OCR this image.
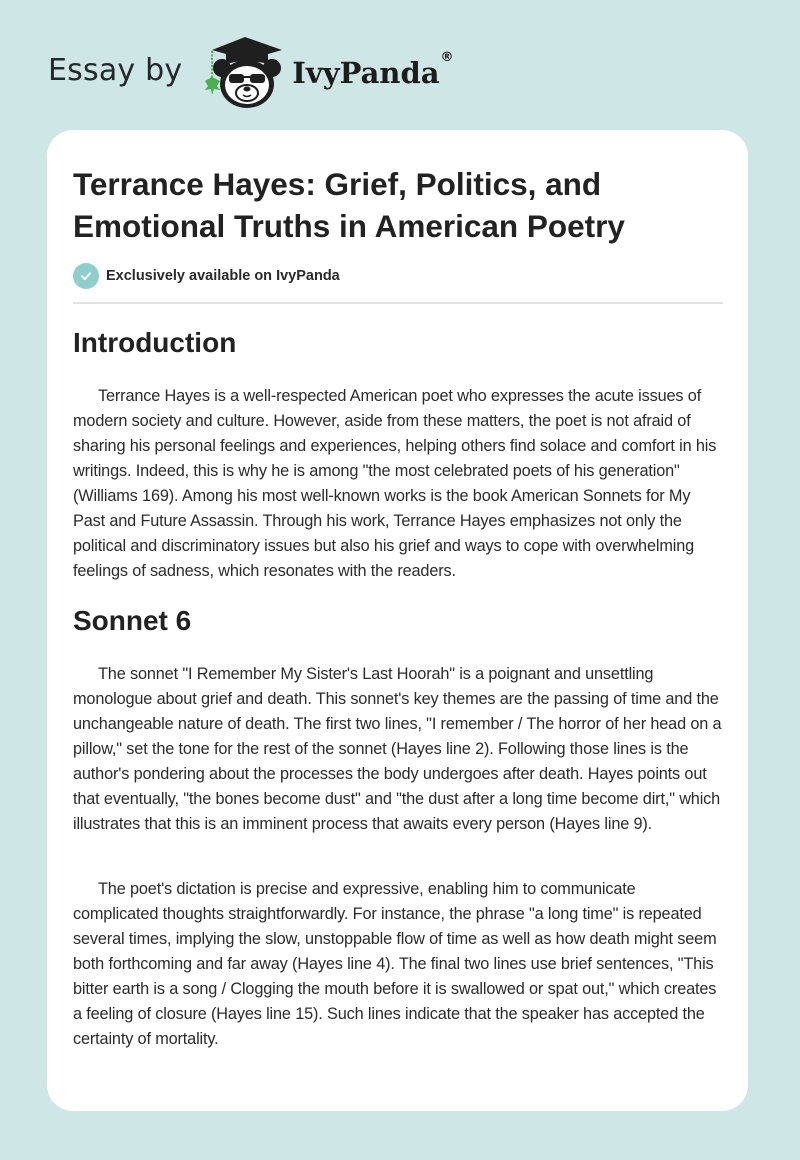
Essay by	IvyPanda®
Terrance Hayes: Grief, Politics, and Emotional Truths in American Poetry
Exclusively available on IvyPanda
Introduction

Terrance Hayes is a well-respected American poet who expresses the acute issues of modern society and culture. However, aside from these matters, the poet is not afraid of sharing his personal feelings and experiences, helping others find solace and comfort in his writings. Indeed, this is why he is among "the most celebrated poets of his generation" (Williams 169). Among his most well-known works is the book American Sonnets for My Past and Future Assassin. Through his work, Terrance Hayes emphasizes not only the political and discriminatory issues but also his grief and ways to cope with overwhelming feelings of sadness, which resonates with the readers.

Sonnet 6

The sonnet "I Remember My Sister's Last Hoorah" is a poignant and unsettling monologue about grief and death. This sonnet's key themes are the passing of time and the unchangeable nature of death. The first two lines, "I remember / The horror of her head on a pillow," set the tone for the rest of the sonnet (Hayes line 2). Following those lines is the author's pondering about the processes the body undergoes after death. Hayes points out that eventually, "the bones become dust" and "the dust after a long time become dirt," which illustrates that this is an imminent process that awaits every person (Hayes line 9).

The poet's dictation is precise and expressive, enabling him to communicate complicated thoughts straightforwardly. For instance, the phrase "a long time" is repeated several times, implying the slow, unstoppable flow of time as well as how death might seem both forthcoming and far away (Hayes line 4). The final two lines use brief sentences, "This bitter earth is a song / Clogging the mouth before it is swallowed or spat out," which creates a feeling of closure (Hayes line 15). Such lines indicate that the speaker has accepted the certainty of mortality.
